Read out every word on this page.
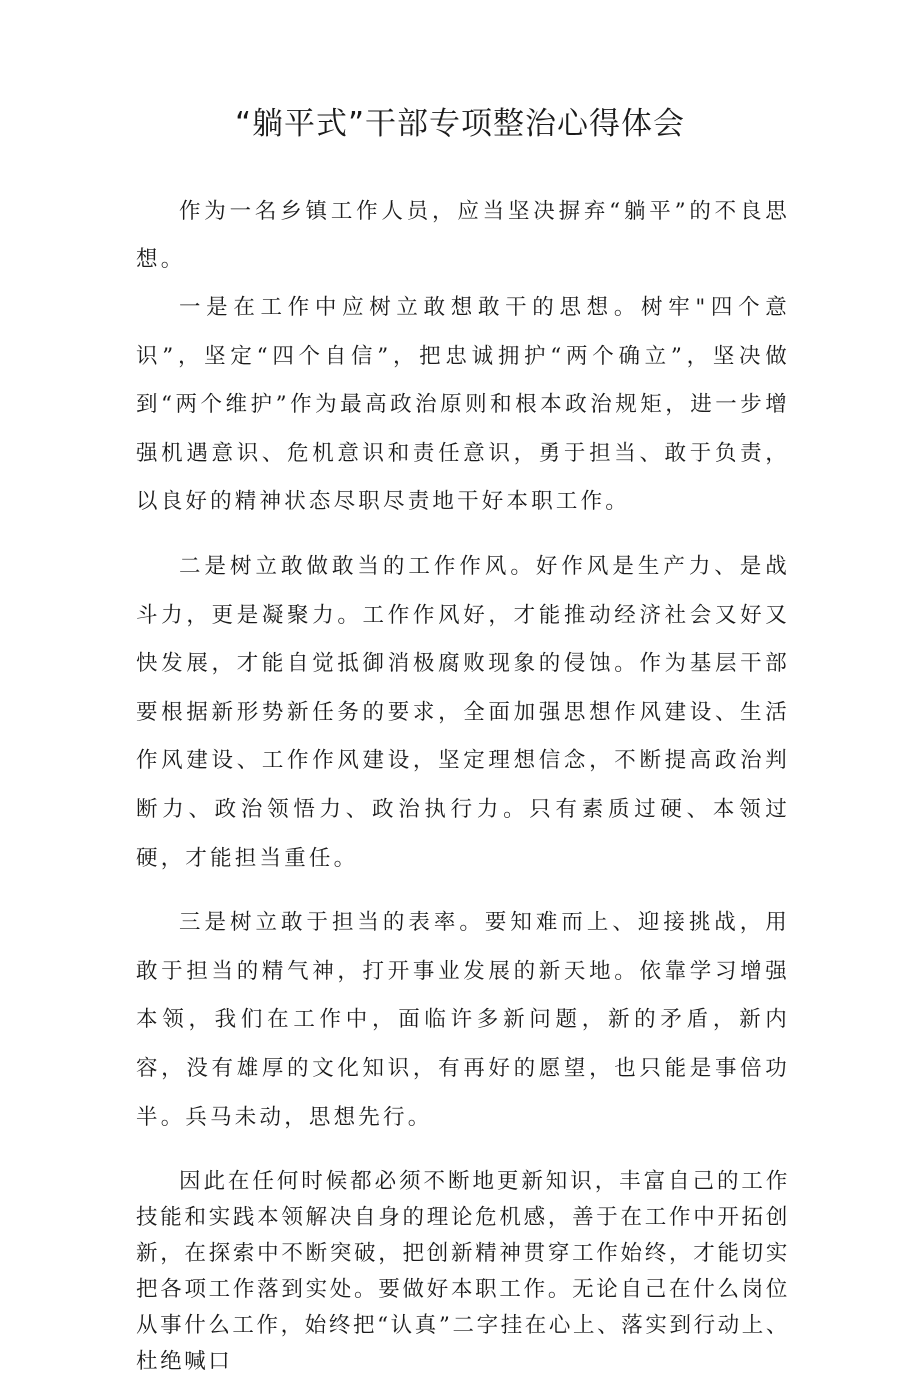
“躺平式”干部专项整治心得体会

作为一名乡镇工作人员，应当坚决摒弃“躺平”的不良思想。

一是在工作中应树立敢想敢干的思想。树牢"四个意识”，坚定“四个自信”，把忠诚拥护“两个确立”，坚决做到“两个维护”作为最高政治原则和根本政治规矩，进一步增强机遇意识、危机意识和责任意识，勇于担当、敢于负责，以良好的精神状态尽职尽责地干好本职工作。

二是树立敢做敢当的工作作风。好作风是生产力、是战斗力，更是凝聚力。工作作风好，才能推动经济社会又好又快发展，才能自觉抵御消极腐败现象的侵蚀。作为基层干部要根据新形势新任务的要求，全面加强思想作风建设、生活作风建设、工作作风建设，坚定理想信念，不断提高政治判断力、政治领悟力、政治执行力。只有素质过硬、本领过硬，才能担当重任。

三是树立敢于担当的表率。要知难而上、迎接挑战，用敢于担当的精气神，打开事业发展的新天地。依靠学习增强本领，我们在工作中，面临许多新问题，新的矛盾，新内容，没有雄厚的文化知识，有再好的愿望，也只能是事倍功半。兵马未动，思想先行。

因此在任何时候都必须不断地更新知识，丰富自己的工作技能和实践本领解决自身的理论危机感，善于在工作中开拓创新，在探索中不断突破，把创新精神贯穿工作始终，才能切实把各项工作落到实处。要做好本职工作。无论自己在什么岗位从事什么工作，始终把“认真”二字挂在心上、落实到行动上、杜绝喊口
